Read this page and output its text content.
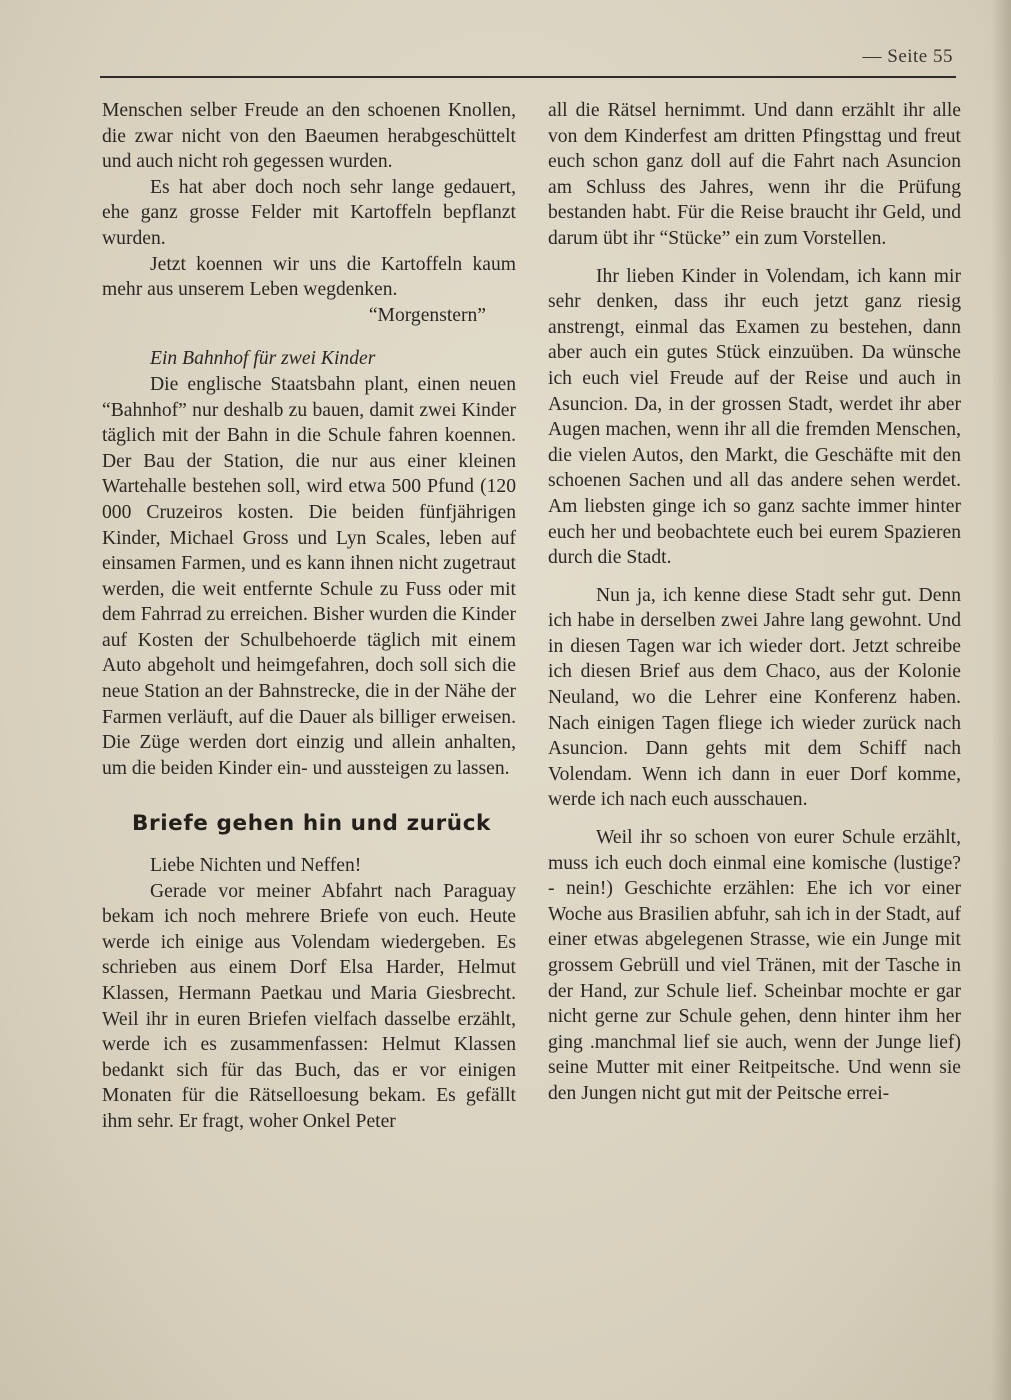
— Seite 55

Menschen selber Freude an den schoenen Knollen, die zwar nicht von den Baeumen herabgeschüttelt und auch nicht roh gegessen wurden.

Es hat aber doch noch sehr lange gedauert, ehe ganz grosse Felder mit Kartoffeln bepflanzt wurden.

Jetzt koennen wir uns die Kartoffeln kaum mehr aus unserem Leben wegdenken.

“Morgenstern”

Ein Bahnhof für zwei Kinder

Die englische Staatsbahn plant, einen neuen “Bahnhof” nur deshalb zu bauen, damit zwei Kinder täglich mit der Bahn in die Schule fahren koennen. Der Bau der Station, die nur aus einer kleinen Wartehalle bestehen soll, wird etwa 500 Pfund (120 000 Cruzeiros kosten. Die beiden fünfjährigen Kinder, Michael Gross und Lyn Scales, leben auf einsamen Farmen, und es kann ihnen nicht zugetraut werden, die weit entfernte Schule zu Fuss oder mit dem Fahrrad zu erreichen. Bisher wurden die Kinder auf Kosten der Schulbehoerde täglich mit einem Auto abgeholt und heimgefahren, doch soll sich die neue Station an der Bahnstrecke, die in der Nähe der Farmen verläuft, auf die Dauer als billiger erweisen. Die Züge werden dort einzig und allein anhalten, um die beiden Kinder ein- und aussteigen zu lassen.

Briefe gehen hin und zurück

Liebe Nichten und Neffen!

Gerade vor meiner Abfahrt nach Paraguay bekam ich noch mehrere Briefe von euch. Heute werde ich einige aus Volendam wiedergeben. Es schrieben aus einem Dorf Elsa Harder, Helmut Klassen, Hermann Paetkau und Maria Giesbrecht. Weil ihr in euren Briefen vielfach dasselbe erzählt, werde ich es zusammenfassen: Helmut Klassen bedankt sich für das Buch, das er vor einigen Monaten für die Rätselloesung bekam. Es gefällt ihm sehr. Er fragt, woher Onkel Peter

all die Rätsel hernimmt. Und dann erzählt ihr alle von dem Kinderfest am dritten Pfingsttag und freut euch schon ganz doll auf die Fahrt nach Asuncion am Schluss des Jahres, wenn ihr die Prüfung bestanden habt. Für die Reise braucht ihr Geld, und darum übt ihr “Stücke” ein zum Vorstellen.

Ihr lieben Kinder in Volendam, ich kann mir sehr denken, dass ihr euch jetzt ganz riesig anstrengt, einmal das Examen zu bestehen, dann aber auch ein gutes Stück einzuüben. Da wünsche ich euch viel Freude auf der Reise und auch in Asuncion. Da, in der grossen Stadt, werdet ihr aber Augen machen, wenn ihr all die fremden Menschen, die vielen Autos, den Markt, die Geschäfte mit den schoenen Sachen und all das andere sehen werdet. Am liebsten ginge ich so ganz sachte immer hinter euch her und beobachtete euch bei eurem Spazieren durch die Stadt.

Nun ja, ich kenne diese Stadt sehr gut. Denn ich habe in derselben zwei Jahre lang gewohnt. Und in diesen Tagen war ich wieder dort. Jetzt schreibe ich diesen Brief aus dem Chaco, aus der Kolonie Neuland, wo die Lehrer eine Konferenz haben. Nach einigen Tagen fliege ich wieder zurück nach Asuncion. Dann gehts mit dem Schiff nach Volendam. Wenn ich dann in euer Dorf komme, werde ich nach euch ausschauen.

Weil ihr so schoen von eurer Schule erzählt, muss ich euch doch einmal eine komische (lustige? - nein!) Geschichte erzählen: Ehe ich vor einer Woche aus Brasilien abfuhr, sah ich in der Stadt, auf einer etwas abgelegenen Strasse, wie ein Junge mit grossem Gebrüll und viel Tränen, mit der Tasche in der Hand, zur Schule lief. Scheinbar mochte er gar nicht gerne zur Schule gehen, denn hinter ihm her ging .manchmal lief sie auch, wenn der Junge lief) seine Mutter mit einer Reitpeitsche. Und wenn sie den Jungen nicht gut mit der Peitsche errei-
